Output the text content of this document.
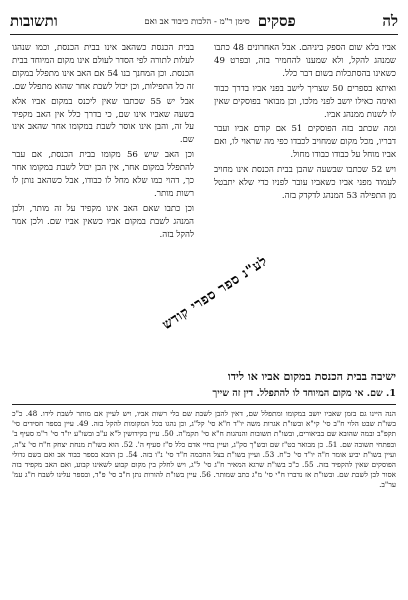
לה
פסקים
סימן ר"מ - הלכות כיבוד אב ואם
ותשובות

אביו בלא שום הספק ביניהם. אבל האחרונים 48 כתבו שמנהג להקל, ולא שמענו להחמיר בזה, ובפרט 49 כשאינו בהסתכלות בשום דבר כלל.

ואיתא בספרים 50 שצריך לישב בפני אביו בדרך כבוד ואימה כאילו יושב לפני מלכו, וכן מבואר בפוסקים שאין לו לשנות ממנהג אביו.

ומה שכתב בזה הפוסקים 51 אם קודם אביו ועבר דבריו, מכל מקום שמחויב לכבדו כפי מה שראוי לו, ואם אביו מוחל על כבודו כבודו מחול.

ויש 52 שכתבו שבשעה שהבן בבית הכנסת אינו מחויב לעמוד מפני אביו כשאביו עובר לפניו כדי שלא יתבטל מן התפילה 53 המנהג לדקדק בזה.

בבית הכנסת כשהאב אינו בבית הכנסת, וכמו שנהגו לעלות לתורה לפי הסדר לעולם אינו מקום המיוחד בבית הכנסת. וכן המחנך בנו 54 אם האב אינו מתפלל במקום זה כל התפילות, וכן יכול לשבת אחר שהוא מתפלל שם.

אבל יש 55 שכתבו שאין ליכנס במקום אביו אלא בשעה שאביו אינו שם, כי בדרך כלל אין האב מקפיד על זה, והבן אינו אוסר לשבת במקומו אחר שהאב אינו שם.

וכן האב שיש 56 מקומו בבית הכנסת, אם עבר להתפלל במקום אחר, אין הבן יכול לשבת במקומו אחר כך, דהוי כמו שלא מחל לו כבודו, אבל כשהאב נותן לו רשות מותר.

וכן כתבו שאם האב אינו מקפיד על זה מותר, ולכן המנהג לשבת במקום אביו כשאין אביו שם. ולכן אמר להקל בזה.

לע"נ ספר ספרי קודש
ישיבה בבית הכנסת במקום אביו או לידו
1. שם. אי מקום המיוחד לו להתפלל. דין זה שייך
הנה היינו גם בזמן שאביו יושב במקומו ומתפלל שם, דאין להבן לשבת שם בלי רשות אביו, ויש לעיין אם מותר לשבת לידו. 48. כ"כ בשו"ת שבט הלוי ח"ב סי' קי"א ובשו"ת אגרות משה יו"ד ח"א סי' קל"ג, וכן נהגו בכל המקומות להקל בזה. 49. עיין בספר חסידים סי' תקפ"ב ובמה שהובא שם בביאורים, ובשו"ת תשובות והנהגות ח"א סי' תקמ"ה. 50. עיין בקידושין ל"א ע"ב ובשו"ע יו"ד סי' ר"מ סעיף ב' ובפתחי תשובה שם. 51. כן מבואר בט"ז שם ובש"ך סק"ג, ועיין בחיי אדם כלל ס"ז סעיף ה'. 52. הוא בשו"ת מנחת יצחק ח"ח סי' צ"ה, ועיין בשו"ת יביע אומר ח"ה יו"ד סי' כ"ח. 53. ועיין בשו"ת בצל החכמה ח"ד סי' נ"ו בזה. 54. כן הובא בספר כבוד אב ואם בשם גדולי הפוסקים שאין להקפיד בזה. 55. כ"כ בשו"ת שרגא המאיר ח"ג סי' ל"ג, ויש לחלק בין מקום קבוע לשאינו קבוע, ואם האב מקפיד בזה אסור לבן לשבת שם. ובשו"ת אז נדברו ח"י סי' מ"ג כתב שמותר. 56. עיין בשו"ת להורות נתן ח"ב סי' פ"ד, ובספר עלינו לשבח ח"ג עמ' ער"ב.
